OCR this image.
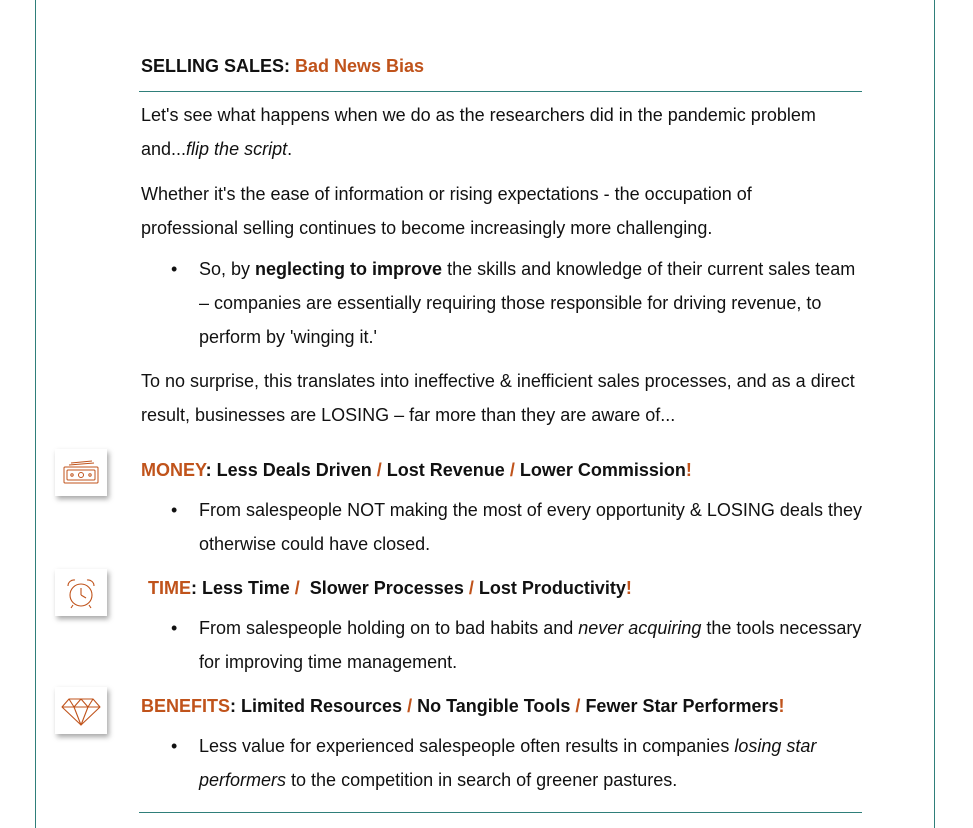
SELLING SALES: Bad News Bias

Let's see what happens when we do as the researchers did in the pandemic problem and...flip the script.

Whether it's the ease of information or rising expectations - the occupation of professional selling continues to become increasingly more challenging.

• So, by neglecting to improve the skills and knowledge of their current sales team – companies are essentially requiring those responsible for driving revenue, to perform by 'winging it.'

To no surprise, this translates into ineffective & inefficient sales processes, and as a direct result, businesses are LOSING – far more than they are aware of...

MONEY: Less Deals Driven / Lost Revenue / Lower Commission!

• From salespeople NOT making the most of every opportunity & LOSING deals they otherwise could have closed.

TIME: Less Time /  Slower Processes / Lost Productivity!

• From salespeople holding on to bad habits and never acquiring the tools necessary for improving time management.

BENEFITS: Limited Resources / No Tangible Tools / Fewer Star Performers!

• Less value for experienced salespeople often results in companies losing star performers to the competition in search of greener pastures.
